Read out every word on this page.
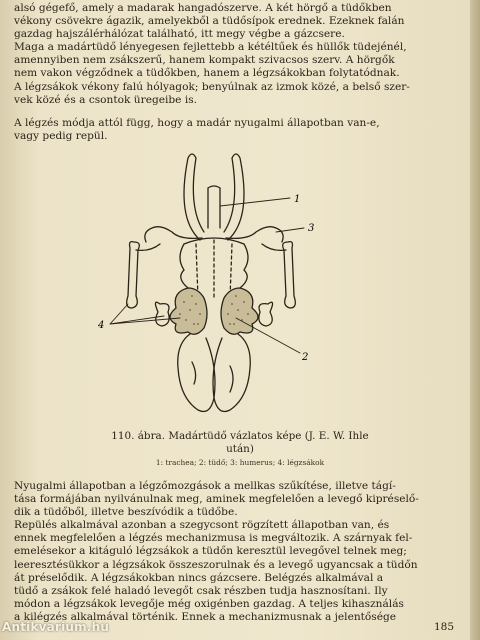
alsó gégefő, amely a madarak hangadószerve. A két hörgő a tüdőkben
vékony csövekre ágazik, amelyekből a tüdősípok erednek. Ezeknek falán
gazdag hajszálérhálózat található, itt megy végbe a gázcsere.
Maga a madártüdő lényegesen fejlettebb a kétéltűek és hüllők tüdejénél,
amennyiben nem zsákszerű, hanem kompakt szivacsos szerv. A hörgők
nem vakon végződnek a tüdőkben, hanem a légzsákokban folytatódnak.
A légzsákok vékony falú hólyagok; benyúlnak az izmok közé, a belső szer-
vek közé és a csontok üregeibe is.
A légzés módja attól függ, hogy a madár nyugalmi állapotban van-e,
vagy pedig repül.
1
3
4
2
110. ábra. Madártüdő vázlatos képe (J. E. W. Ihle után)
1: trachea; 2: tüdő; 3: humerus; 4: légzsákok
Nyugalmi állapotban a légzőmozgások a mellkas szűkítése, illetve tágí-
tása formájában nyilvánulnak meg, aminek megfelelően a levegő kipréselő-
dik a tüdőből, illetve beszívódik a tüdőbe.
Repülés alkalmával azonban a szegycsont rögzített állapotban van, és
ennek megfelelően a légzés mechanizmusa is megváltozik. A szárnyak fel-
emelésekor a kitáguló légzsákok a tüdőn keresztül levegővel telnek meg;
leeresztésükkor a légzsákok összeszorulnak és a levegő ugyancsak a tüdőn
át préselődik. A légzsákokban nincs gázcsere. Belégzés alkalmával a
tüdő a zsákok felé haladó levegőt csak részben tudja hasznosítani. Ily
módon a légzsákok levegője még oxigénben gazdag. A teljes kihasználás
a kilégzés alkalmával történik. Ennek a mechanizmusnak a jelentősége
185
Antikvarium.hu
